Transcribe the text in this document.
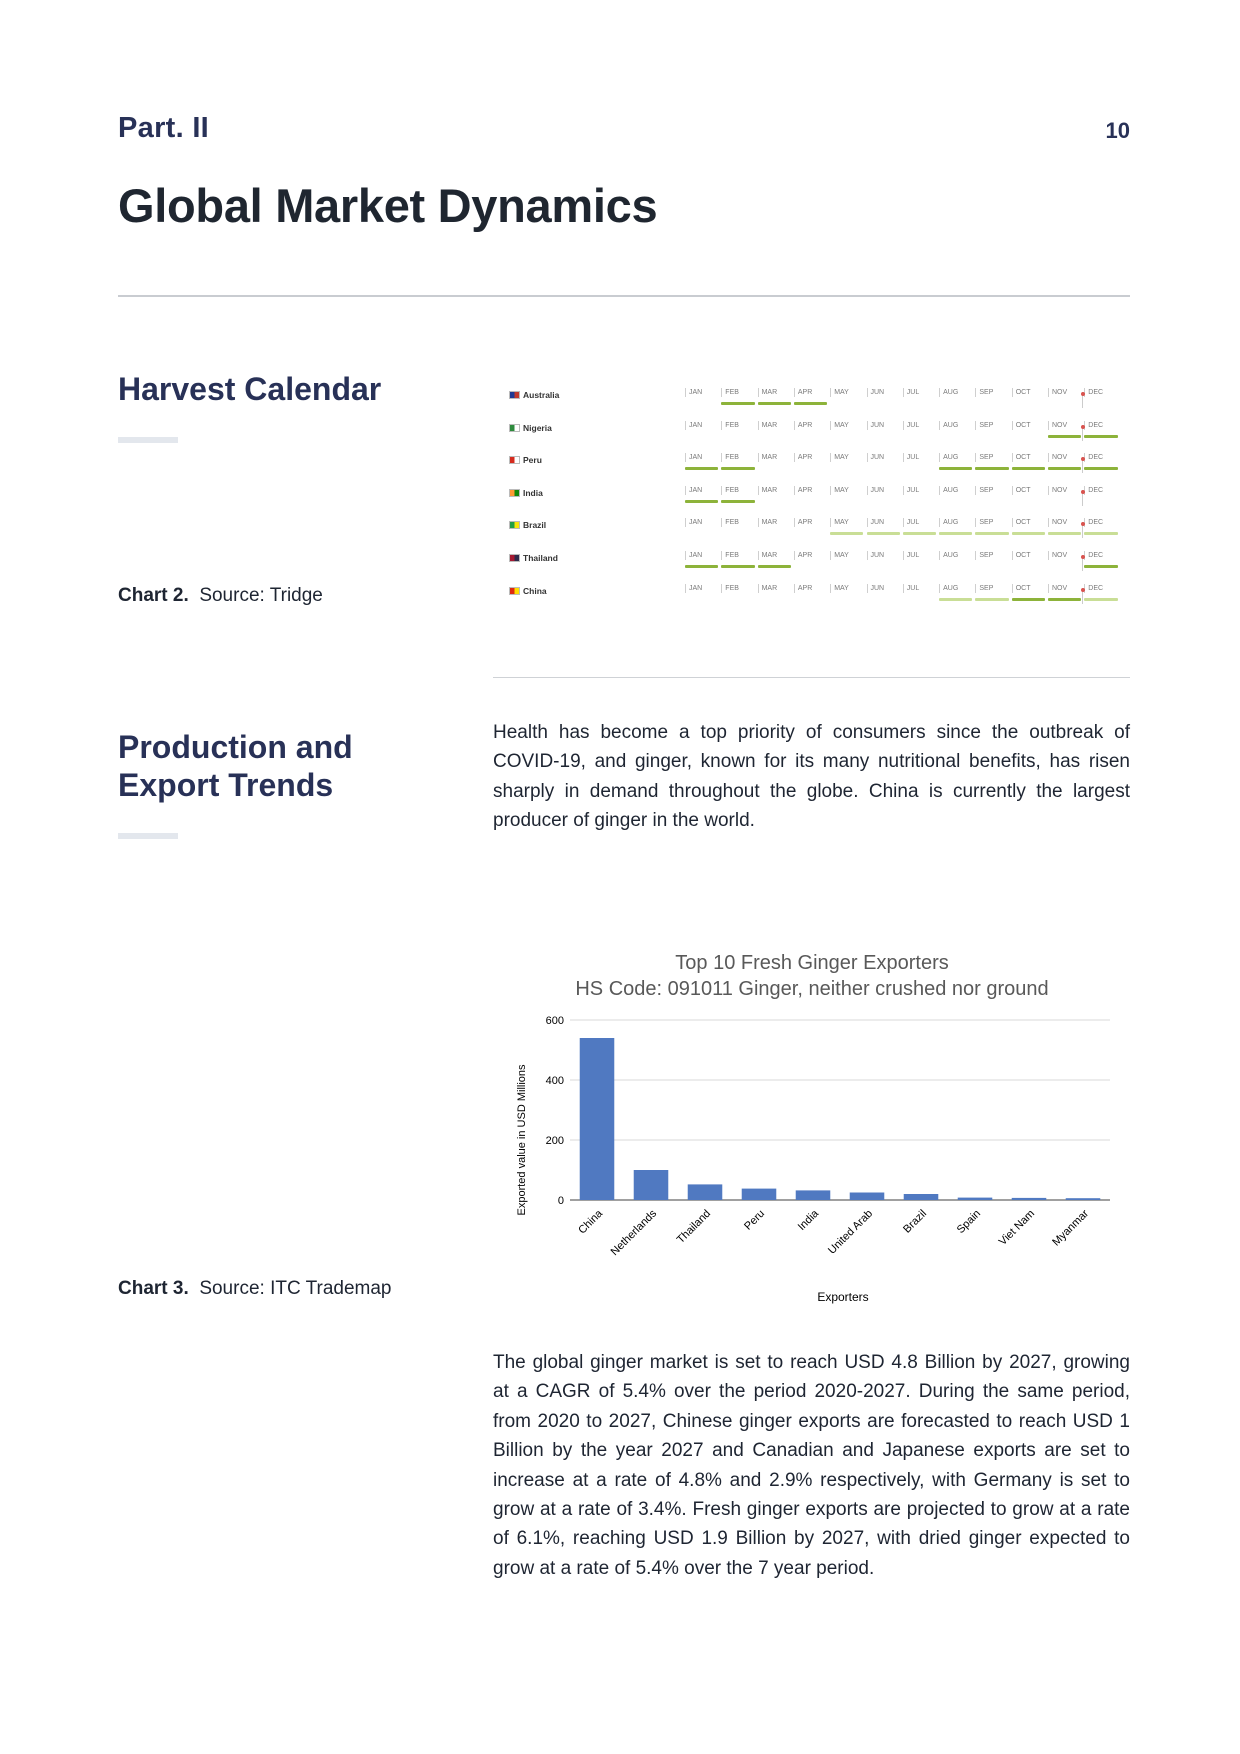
Part. II	10
Global Market Dynamics
Harvest Calendar
Chart 2. Source: Tridge
Australia	JAN	FEB	MAR	APR	MAY	JUN	JUL	AUG	SEP	OCT	NOV	DEC
Nigeria	JAN	FEB	MAR	APR	MAY	JUN	JUL	AUG	SEP	OCT	NOV	DEC
Peru	JAN	FEB	MAR	APR	MAY	JUN	JUL	AUG	SEP	OCT	NOV	DEC
India	JAN	FEB	MAR	APR	MAY	JUN	JUL	AUG	SEP	OCT	NOV	DEC
Brazil	JAN	FEB	MAR	APR	MAY	JUN	JUL	AUG	SEP	OCT	NOV	DEC
Thailand	JAN	FEB	MAR	APR	MAY	JUN	JUL	AUG	SEP	OCT	NOV	DEC
China	JAN	FEB	MAR	APR	MAY	JUN	JUL	AUG	SEP	OCT	NOV	DEC
Production and
Export Trends
Health has become a top priority of consumers since the outbreak of COVID-19, and ginger, known for its many nutritional benefits, has risen sharply in demand throughout the globe. China is currently the largest producer of ginger in the world.
Top 10 Fresh Ginger Exporters
HS Code: 091011 Ginger, neither crushed nor ground
0
200
400
600
China Netherlands Thailand	Peru	India United Arab Brazil Spain Viet Nam Myanmar
Exported value in USD Millions
Exporters
Chart 3. Source: ITC Trademap
The global ginger market is set to reach USD 4.8 Billion by 2027, growing at a CAGR of 5.4% over the period 2020-2027. During the same period, from 2020 to 2027, Chinese ginger exports are forecasted to reach USD 1 Billion by the year 2027 and Canadian and Japanese exports are set to increase at a rate of 4.8% and 2.9% respectively, with Germany is set to grow at a rate of 3.4%. Fresh ginger exports are projected to grow at a rate of 6.1%, reaching USD 1.9 Billion by 2027, with dried ginger expected to grow at a rate of 5.4% over the 7 year period.
